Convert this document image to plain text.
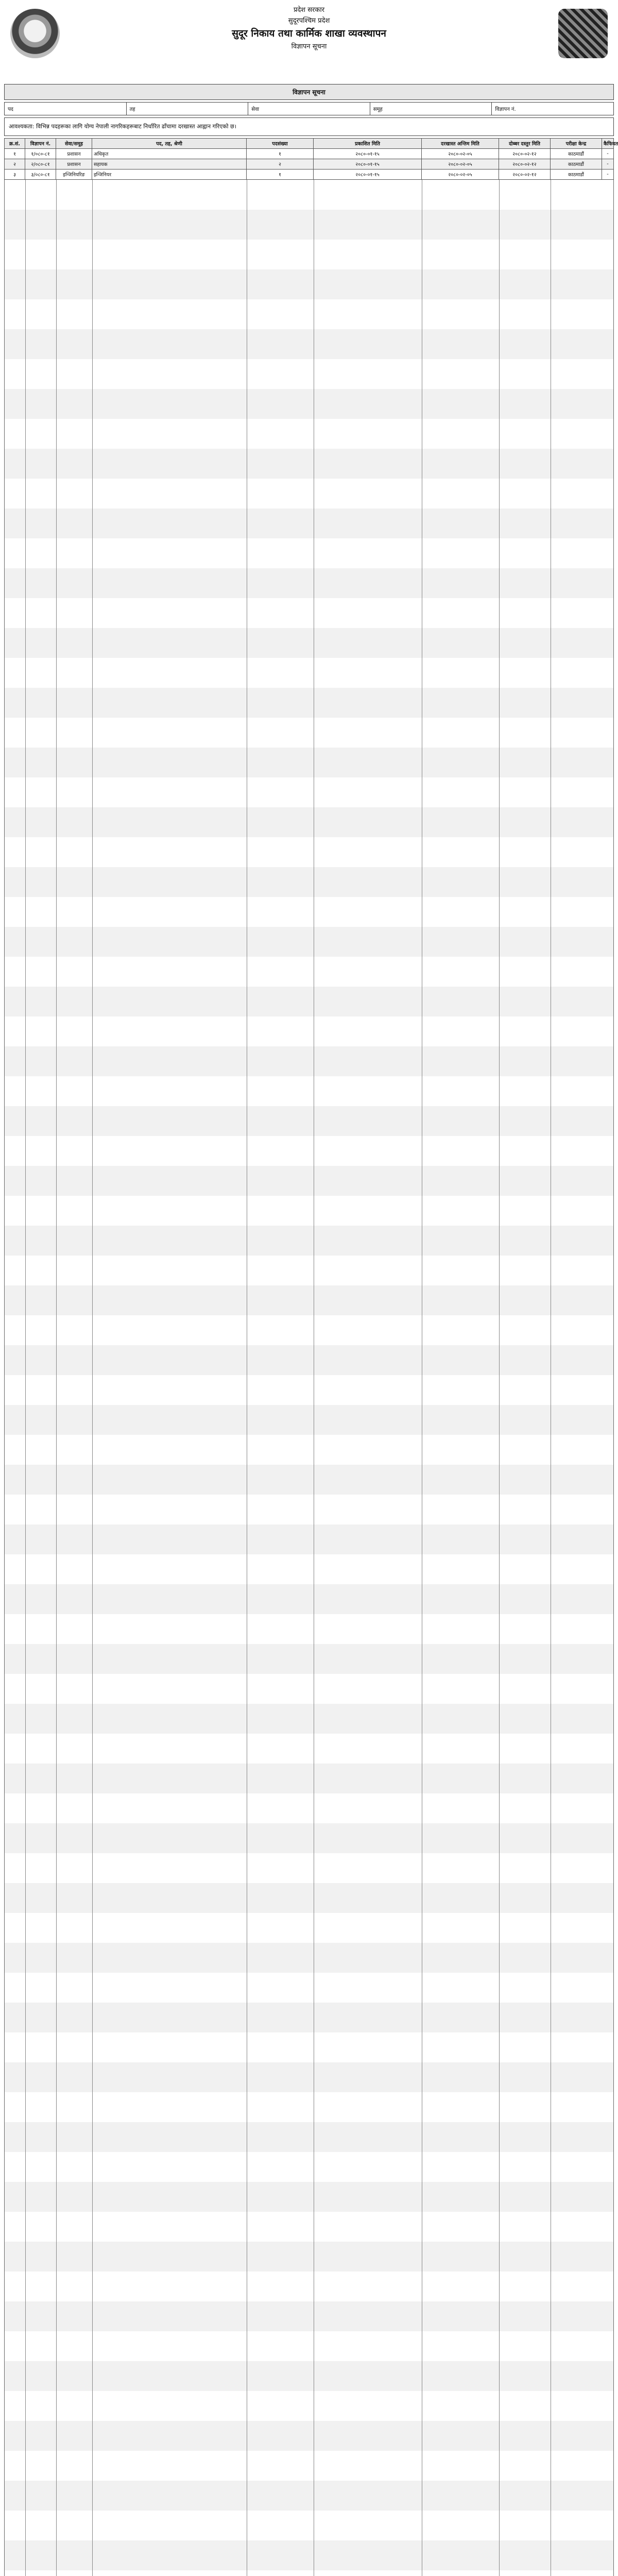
प्रदेश सरकार
सुदूरपश्चिम प्रदेश
सुदूर निकाय तथा कार्मिक शाखा व्यवस्थापन
विज्ञापन सूचना
विज्ञापन सूचना
पद	तह	सेवा	समूह	विज्ञापन नं.
आवश्यकता: विभिन्न पदहरूका लागि योग्य नेपाली नागरिकहरूबाट निर्धारित ढाँचामा दरखास्त आह्वान गरिएको छ।
क्र.सं.	विज्ञापन नं.	सेवा/समूह	पद, तह, श्रेणी	पदसंख्या	प्रकाशित मिति	दरखास्त अन्तिम मिति	दोब्बर दस्तुर मिति	परीक्षा केन्द्र	कैफियत
१	१/०८०-८१	प्रशासन	अधिकृत	१	२०८०-०१-१५	२०८०-०२-०५	२०८०-०२-१२	काठमाडौं	-
२	२/०८०-८१	प्रशासन	सहायक	२	२०८०-०१-१५	२०८०-०२-०५	२०८०-०२-१२	काठमाडौं	-
३	३/०८०-८१	इन्जिनियरिङ	इन्जिनियर	१	२०८०-०१-१५	२०८०-०२-०५	२०८०-०२-१२	काठमाडौं	-
